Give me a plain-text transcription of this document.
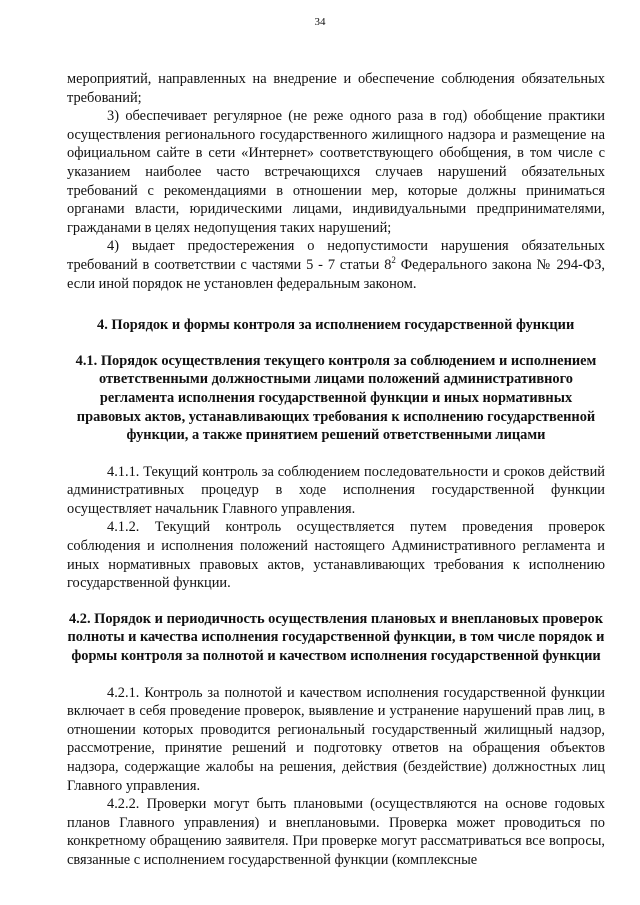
34

мероприятий, направленных на внедрение и обеспечение соблюдения обязательных требований;

3) обеспечивает регулярное (не реже одного раза в год) обобщение практики осуществления регионального государственного жилищного надзора и размещение на официальном сайте в сети «Интернет» соответствующего обобщения, в том числе с указанием наиболее часто встречающихся случаев нарушений обязательных требований с рекомендациями в отношении мер, которые должны приниматься органами власти, юридическими лицами, индивидуальными предпринимателями, гражданами в целях недопущения таких нарушений;

4) выдает предостережения о недопустимости нарушения обязательных требований в соответствии с частями 5 - 7 статьи $8^2$ Федерального закона № 294-ФЗ, если иной порядок не установлен федеральным законом.

4. Порядок и формы контроля за исполнением государственной функции

4.1. Порядок осуществления текущего контроля за соблюдением и исполнением ответственными должностными лицами положений административного регламента исполнения государственной функции и иных нормативных правовых актов, устанавливающих требования к исполнению государственной функции, а также принятием решений ответственными лицами

4.1.1. Текущий контроль за соблюдением последовательности и сроков действий административных процедур в ходе исполнения государственной функции осуществляет начальник Главного управления.

4.1.2. Текущий контроль осуществляется путем проведения проверок соблюдения и исполнения положений настоящего Административного регламента и иных нормативных правовых актов, устанавливающих требования к исполнению государственной функции.

4.2. Порядок и периодичность осуществления плановых и внеплановых проверок полноты и качества исполнения государственной функции, в том числе порядок и формы контроля за полнотой и качеством исполнения государственной функции

4.2.1. Контроль за полнотой и качеством исполнения государственной функции включает в себя проведение проверок, выявление и устранение нарушений прав лиц, в отношении которых проводится региональный государственный жилищный надзор, рассмотрение, принятие решений и подготовку ответов на обращения объектов надзора, содержащие жалобы на решения, действия (бездействие) должностных лиц Главного управления.

4.2.2. Проверки могут быть плановыми (осуществляются на основе годовых планов Главного управления) и внеплановыми. Проверка может проводиться по конкретному обращению заявителя. При проверке могут рассматриваться все вопросы, связанные с исполнением государственной функции (комплексные
